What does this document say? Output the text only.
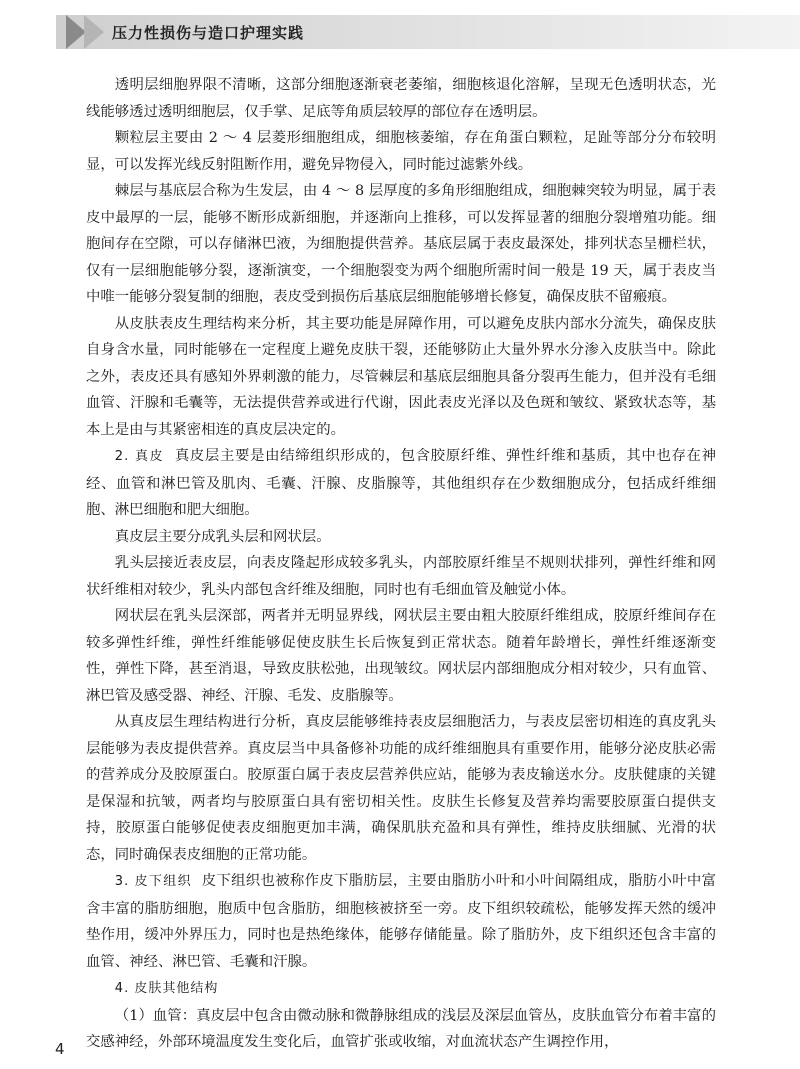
压力性损伤与造口护理实践

透明层细胞界限不清晰，这部分细胞逐渐衰老萎缩，细胞核退化溶解，呈现无色透明状态，光线能够透过透明细胞层，仅手掌、足底等角质层较厚的部位存在透明层。

颗粒层主要由 2 ～ 4 层菱形细胞组成，细胞核萎缩，存在角蛋白颗粒，足趾等部分分布较明显，可以发挥光线反射阻断作用，避免异物侵入，同时能过滤紫外线。

棘层与基底层合称为生发层，由 4 ～ 8 层厚度的多角形细胞组成，细胞棘突较为明显，属于表皮中最厚的一层，能够不断形成新细胞，并逐渐向上推移，可以发挥显著的细胞分裂增殖功能。细胞间存在空隙，可以存储淋巴液，为细胞提供营养。基底层属于表皮最深处，排列状态呈栅栏状，仅有一层细胞能够分裂，逐渐演变，一个细胞裂变为两个细胞所需时间一般是 19 天，属于表皮当中唯一能够分裂复制的细胞，表皮受到损伤后基底层细胞能够增长修复，确保皮肤不留瘢痕。

从皮肤表皮生理结构来分析，其主要功能是屏障作用，可以避免皮肤内部水分流失，确保皮肤自身含水量，同时能够在一定程度上避免皮肤干裂，还能够防止大量外界水分渗入皮肤当中。除此之外，表皮还具有感知外界刺激的能力，尽管棘层和基底层细胞具备分裂再生能力，但并没有毛细血管、汗腺和毛囊等，无法提供营养或进行代谢，因此表皮光泽以及色斑和皱纹、紧致状态等，基本上是由与其紧密相连的真皮层决定的。

2. 真皮 真皮层主要是由结缔组织形成的，包含胶原纤维、弹性纤维和基质，其中也存在神经、血管和淋巴管及肌肉、毛囊、汗腺、皮脂腺等，其他组织存在少数细胞成分，包括成纤维细胞、淋巴细胞和肥大细胞。

真皮层主要分成乳头层和网状层。

乳头层接近表皮层，向表皮隆起形成较多乳头，内部胶原纤维呈不规则状排列，弹性纤维和网状纤维相对较少，乳头内部包含纤维及细胞，同时也有毛细血管及触觉小体。

网状层在乳头层深部，两者并无明显界线，网状层主要由粗大胶原纤维组成，胶原纤维间存在较多弹性纤维，弹性纤维能够促使皮肤生长后恢复到正常状态。随着年龄增长，弹性纤维逐渐变性，弹性下降，甚至消退，导致皮肤松弛，出现皱纹。网状层内部细胞成分相对较少，只有血管、淋巴管及感受器、神经、汗腺、毛发、皮脂腺等。

从真皮层生理结构进行分析，真皮层能够维持表皮层细胞活力，与表皮层密切相连的真皮乳头层能够为表皮提供营养。真皮层当中具备修补功能的成纤维细胞具有重要作用，能够分泌皮肤必需的营养成分及胶原蛋白。胶原蛋白属于表皮层营养供应站，能够为表皮输送水分。皮肤健康的关键是保湿和抗皱，两者均与胶原蛋白具有密切相关性。皮肤生长修复及营养均需要胶原蛋白提供支持，胶原蛋白能够促使表皮细胞更加丰满，确保肌肤充盈和具有弹性，维持皮肤细腻、光滑的状态，同时确保表皮细胞的正常功能。

3. 皮下组织 皮下组织也被称作皮下脂肪层，主要由脂肪小叶和小叶间隔组成，脂肪小叶中富含丰富的脂肪细胞，胞质中包含脂肪，细胞核被挤至一旁。皮下组织较疏松，能够发挥天然的缓冲垫作用，缓冲外界压力，同时也是热绝缘体，能够存储能量。除了脂肪外，皮下组织还包含丰富的血管、神经、淋巴管、毛囊和汗腺。

4. 皮肤其他结构

（1）血管：真皮层中包含由微动脉和微静脉组成的浅层及深层血管丛，皮肤血管分布着丰富的交感神经，外部环境温度发生变化后，血管扩张或收缩，对血流状态产生调控作用，

4
